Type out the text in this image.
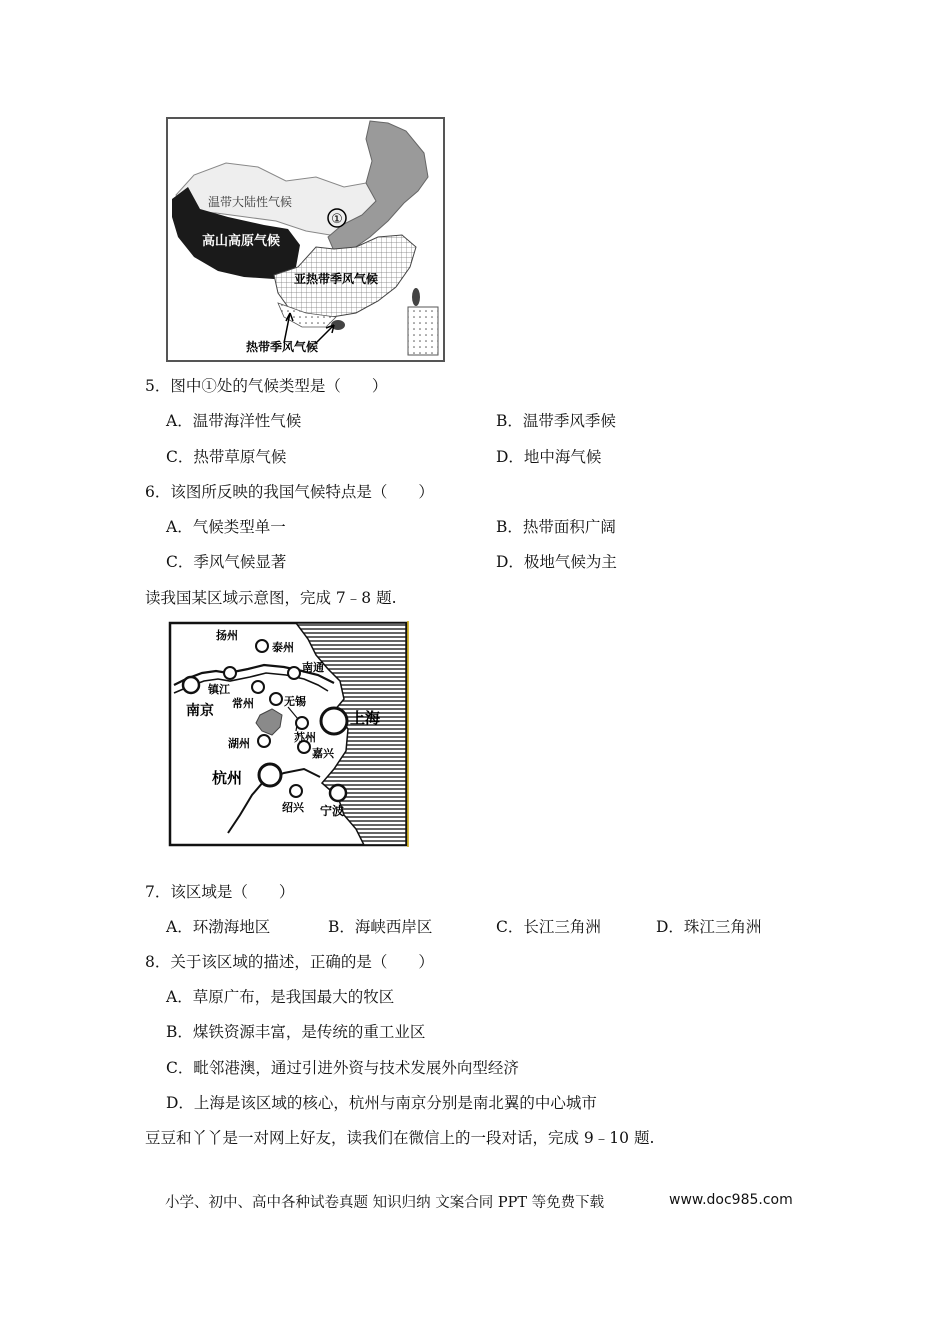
①
温带大陆性气候
高山高原气候
亚热带季风气候
热带季风气候
5．图中①处的气候类型是（　　）
A．温带海洋性气候	B．温带季风季候
C．热带草原气候	D．地中海气候
6．该图所反映的我国气候特点是（　　）
A．气候类型单一	B．热带面积广阔
C．季风气候显著	D．极地气候为主
读我国某区域示意图，完成 7﹣8 题.
扬州
泰州
南通
镇江
南京 常州	无锡
上海
苏州
湖州
嘉兴
杭州
绍兴 宁波
7．该区域是（　　）
A．环渤海地区	B．海峡西岸区	C．长江三角洲	D．珠江三角洲
8．关于该区域的描述，正确的是（　　）
A．草原广布，是我国最大的牧区
B．煤铁资源丰富，是传统的重工业区
C．毗邻港澳，通过引进外资与技术发展外向型经济
D．上海是该区域的核心，杭州与南京分别是南北翼的中心城市
豆豆和丫丫是一对网上好友，读我们在微信上的一段对话，完成 9﹣10 题.
小学、初中、高中各种试卷真题 知识归纳 文案合同 PPT 等免费下载	www.doc985.com
